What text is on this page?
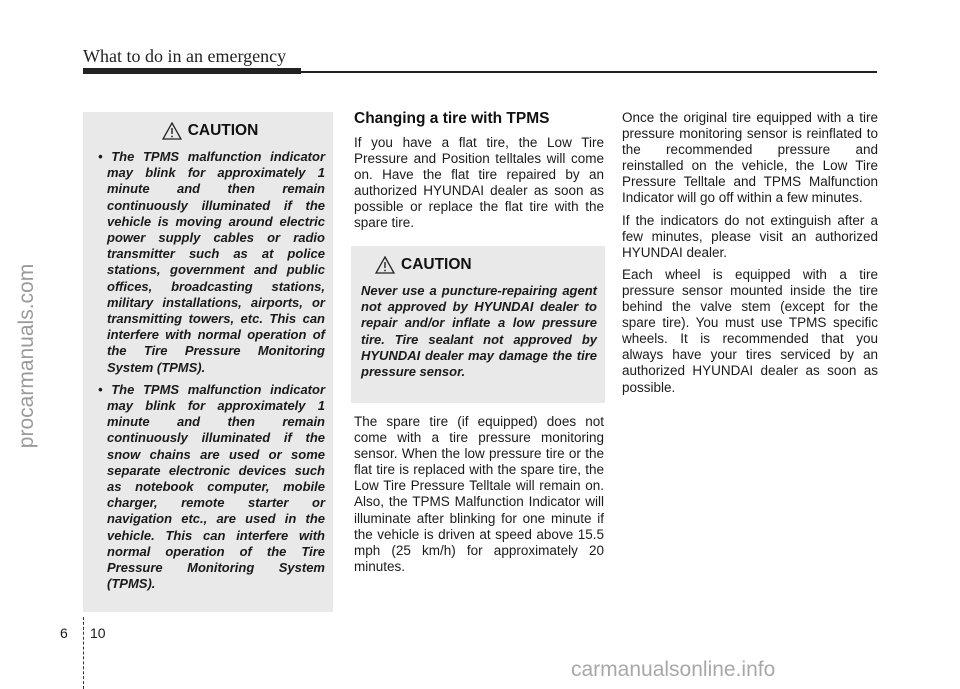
What to do in an emergency
procarmanuals.com
CAUTION
• The TPMS malfunction indicator may blink for approximately 1 minute and then remain continuously illuminated if the vehicle is moving around electric power supply cables or radio transmitter such as at police stations, government and public offices, broadcasting stations, military installations, airports, or transmitting towers, etc. This can interfere with normal operation of the Tire Pressure Monitoring System (TPMS).
• The TPMS malfunction indicator may blink for approximately 1 minute and then remain continuously illuminated if the snow chains are used or some separate electronic devices such as notebook computer, mobile charger, remote starter or navigation etc., are used in the vehicle. This can interfere with normal operation of the Tire Pressure Monitoring System (TPMS).
Changing a tire with TPMS

If you have a flat tire, the Low Tire Pressure and Position telltales will come on. Have the flat tire repaired by an authorized HYUNDAI dealer as soon as possible or replace the flat tire with the spare tire.

CAUTION

Never use a puncture-repairing agent not approved by HYUNDAI dealer to repair and/or inflate a low pressure tire. Tire sealant not approved by HYUNDAI dealer may damage the tire pressure sensor.

The spare tire (if equipped) does not come with a tire pressure monitoring sensor. When the low pressure tire or the flat tire is replaced with the spare tire, the Low Tire Pressure Telltale will remain on. Also, the TPMS Malfunction Indicator will illuminate after blinking for one minute if the vehicle is driven at speed above 15.5 mph (25 km/h) for approximately 20 minutes.

Once the original tire equipped with a tire pressure monitoring sensor is reinflated to the recommended pressure and reinstalled on the vehicle, the Low Tire Pressure Telltale and TPMS Malfunction Indicator will go off within a few minutes.

If the indicators do not extinguish after a few minutes, please visit an authorized HYUNDAI dealer.

Each wheel is equipped with a tire pressure sensor mounted inside the tire behind the valve stem (except for the spare tire). You must use TPMS specific wheels. It is recommended that you always have your tires serviced by an authorized HYUNDAI dealer as soon as possible.

6 10
carmanualsonline.info
